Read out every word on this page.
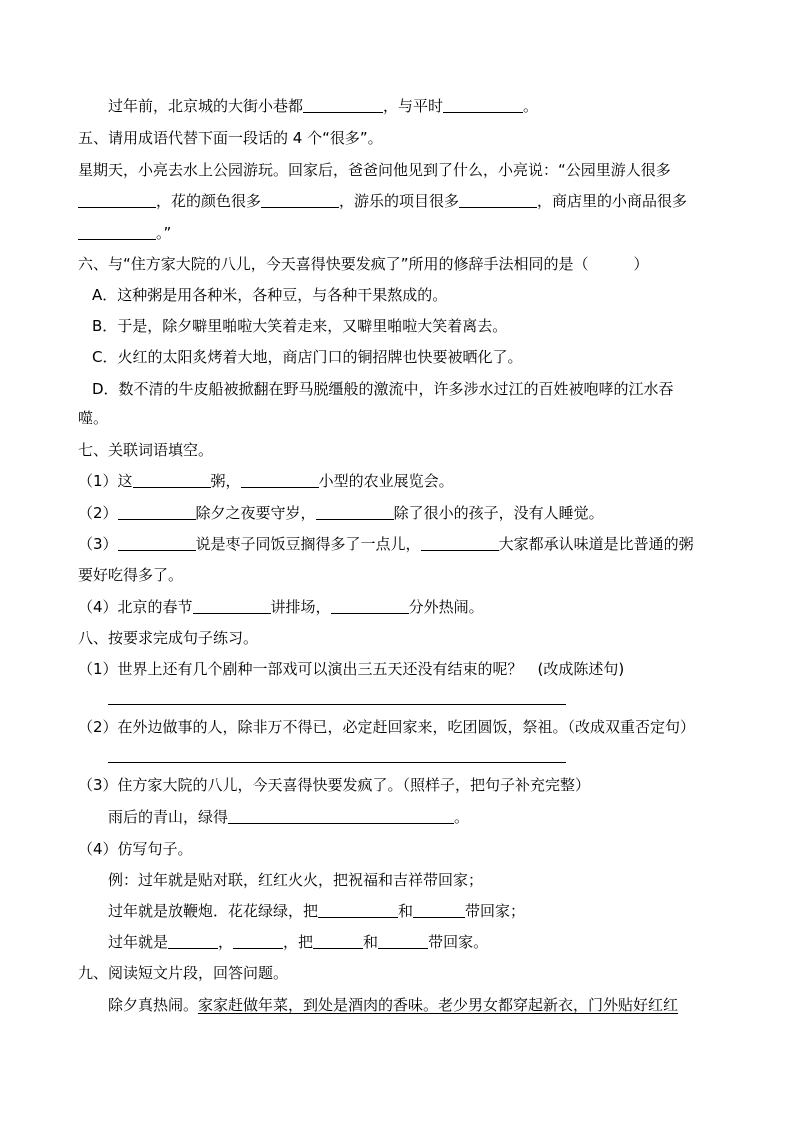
过年前，北京城的大街小巷都	，与平时	。
五、请用成语代替下面一段话的 4 个“很多”。
星期天，小亮去水上公园游玩。回家后，爸爸问他见到了什么，小亮说：“公园里游人很多
，花的颜色很多	，游乐的项目很多	，商店里的小商品很多
。”
六、与“住方家大院的八儿，今天喜得快要发疯了”所用的修辞手法相同的是（　　　）
A．这种粥是用各种米，各种豆，与各种干果熬成的。
B．于是，除夕噼里啪啦大笑着走来，又噼里啪啦大笑着离去。
C．火红的太阳炙烤着大地，商店门口的铜招牌也快要被晒化了。
D．数不清的牛皮船被掀翻在野马脱缰般的激流中，许多涉水过江的百姓被咆哮的江水吞
噬。
七、关联词语填空。
（1）这	粥，	小型的农业展览会。
（2）	除夕之夜要守岁，	除了很小的孩子，没有人睡觉。
（3）	说是枣子同饭豆搁得多了一点儿，	大家都承认味道是比普通的粥
要好吃得多了。
（4）北京的春节	讲排场，	分外热闹。
八、按要求完成句子练习。
（1）世界上还有几个剧种一部戏可以演出三五天还没有结束的呢？　(改成陈述句)
（2）在外边做事的人，除非万不得已，必定赶回家来，吃团圆饭，祭祖。（改成双重否定句）
（3）住方家大院的八儿，今天喜得快要发疯了。（照样子，把句子补充完整）
雨后的青山，绿得	。
（4）仿写句子。
例：过年就是贴对联，红红火火，把祝福和吉祥带回家；
过年就是放鞭炮．花花绿绿，把	和	带回家；
过年就是	，	，把	和	带回家。
九、阅读短文片段，回答问题。
除夕真热闹。家家赶做年菜，到处是酒肉的香味。老少男女都穿起新衣，门外贴好红红
